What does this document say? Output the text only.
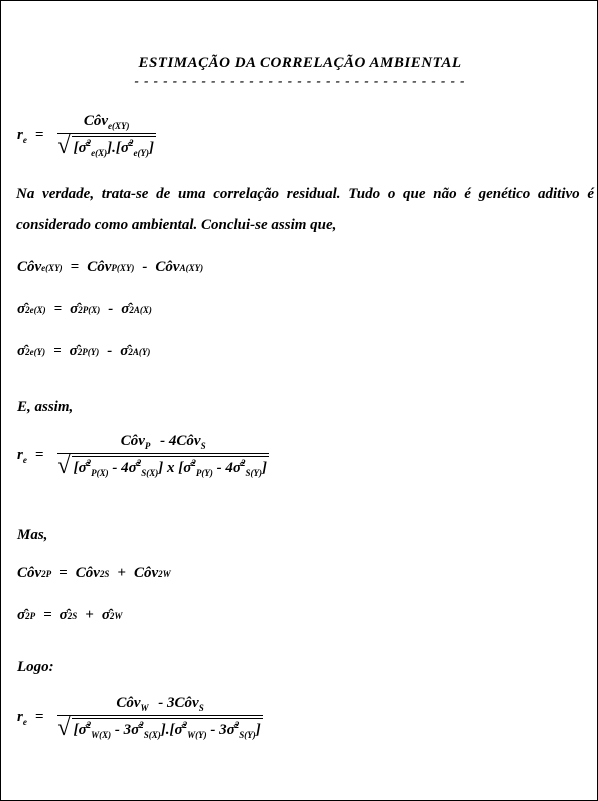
ESTIMAÇÃO DA CORRELAÇÃO AMBIENTAL
- - - - - - - - - - - - - - - - - - - - - - - - - - - - - - - - - - -
$r_e = \frac{Côv_{e(XY)}}{√ [\sigmâ^2_{e(X)}].[\sigmâ^2_{e(Y)}]}$
Na verdade, trata-se de uma correlação residual. Tudo o que não é genético aditivo é considerado como ambiental. Conclui-se assim que,
Côv e(XY) = Côv P(XY) - Côv A(XY)
σ̂ 2 e(X) = σ̂ 2 P(X) - σ̂ 2 A(X)
σ̂ 2 e(Y) = σ̂ 2 P(Y) - σ̂ 2 A(Y)
E, assim,
$r_e$ =
Côv$_P$ - 4Côv$_S$
√ [σ̂$^2_{P(X)}$ - 4σ̂$^2_{S(X)}$] x [σ̂$^2_{P(Y)}$ - 4σ̂$^2_{S(Y)}$]
Mas,
Côv 2 P = Côv 2 S + Côv 2 W
σ̂ 2 P = σ̂ 2 S + σ̂ 2 W
Logo:
$r_e$ =
Côv$_W$ - 3Côv$_S$
√ [σ̂$^2_{W(X)}$ - 3σ̂$^2_{S(X)}$].[σ̂$^2_{W(Y)}$ - 3σ̂$^2_{S(Y)}$]
